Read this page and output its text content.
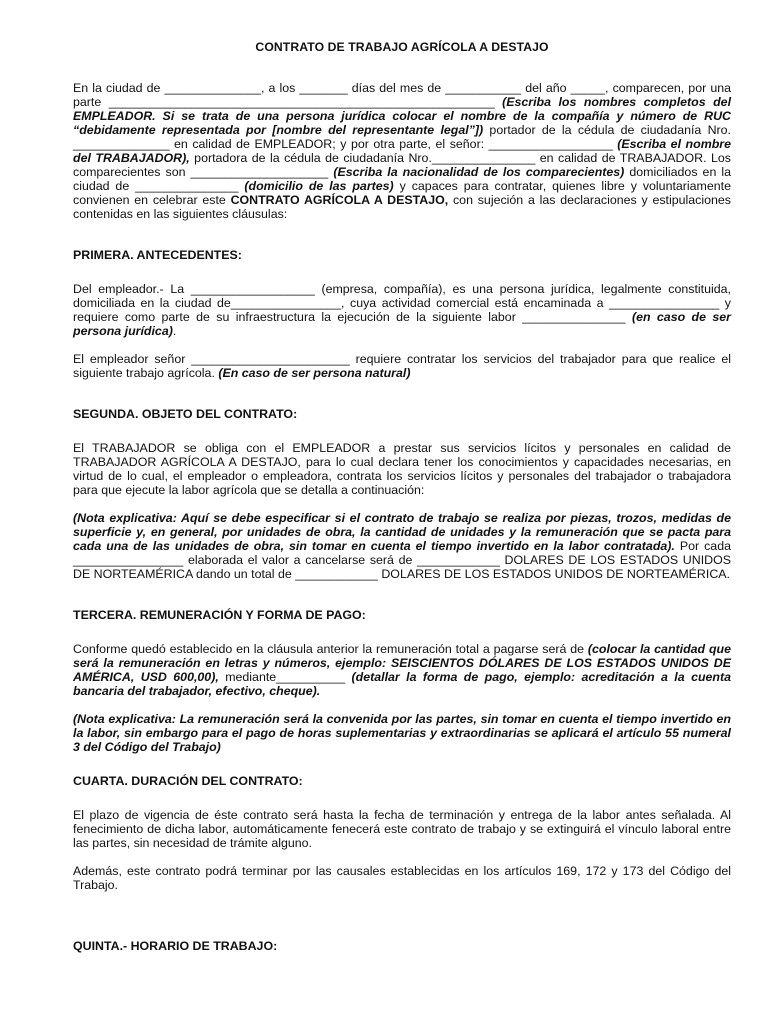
CONTRATO DE TRABAJO AGRÍCOLA A DESTAJO

En la ciudad de ______________, a los _______ días del mes de ___________ del año _____, comparecen, por una parte ________________________________________________________ (Escriba los nombres completos del EMPLEADOR. Si se trata de una persona jurídica colocar el nombre de la compañía y número de RUC “debidamente representada por [nombre del representante legal”]) portador de la cédula de ciudadanía Nro. ______________ en calidad de EMPLEADOR; y por otra parte, el señor: __________________ (Escriba el nombre del TRABAJADOR), portadora de la cédula de ciudadanía Nro._______________ en calidad de TRABAJADOR. Los comparecientes son ____________________ (Escriba la nacionalidad de los comparecientes) domiciliados en la ciudad de _______________ (domicilio de las partes) y capaces para contratar, quienes libre y voluntariamente convienen en celebrar este CONTRATO AGRÍCOLA A DESTAJO, con sujeción a las declaraciones y estipulaciones contenidas en las siguientes cláusulas:

PRIMERA. ANTECEDENTES:

Del empleador.- La __________________ (empresa, compañía), es una persona jurídica, legalmente constituida, domiciliada en la ciudad de________________, cuya actividad comercial está encaminada a ________________ y requiere como parte de su infraestructura la ejecución de la siguiente labor _______________ (en caso de ser persona jurídica).

El empleador señor _______________________ requiere contratar los servicios del trabajador para que realice el siguiente trabajo agrícola. (En caso de ser persona natural)

SEGUNDA. OBJETO DEL CONTRATO:

El TRABAJADOR se obliga con el EMPLEADOR a prestar sus servicios lícitos y personales en calidad de TRABAJADOR AGRÍCOLA A DESTAJO, para lo cual declara tener los conocimientos y capacidades necesarias, en virtud de lo cual, el empleador o empleadora, contrata los servicios lícitos y personales del trabajador o trabajadora para que ejecute la labor agrícola que se detalla a continuación:

(Nota explicativa: Aquí se debe especificar si el contrato de trabajo se realiza por piezas, trozos, medidas de superficie y, en general, por unidades de obra, la cantidad de unidades y la remuneración que se pacta para cada una de las unidades de obra, sin tomar en cuenta el tiempo invertido en la labor contratada). Por cada ________________ elaborada el valor a cancelarse será de ____________ DOLARES DE LOS ESTADOS UNIDOS DE NORTEAMÉRICA dando un total de ____________ DOLARES DE LOS ESTADOS UNIDOS DE NORTEAMÉRICA.

TERCERA. REMUNERACIÓN Y FORMA DE PAGO:

Conforme quedó establecido en la cláusula anterior la remuneración total a pagarse será de (colocar la cantidad que será la remuneración en letras y números, ejemplo: SEISCIENTOS DÓLARES DE LOS ESTADOS UNIDOS DE AMÉRICA, USD 600,00), mediante__________ (detallar la forma de pago, ejemplo: acreditación a la cuenta bancaria del trabajador, efectivo, cheque).

(Nota explicativa: La remuneración será la convenida por las partes, sin tomar en cuenta el tiempo invertido en la labor, sin embargo para el pago de horas suplementarias y extraordinarias se aplicará el artículo 55 numeral 3 del Código del Trabajo)

CUARTA. DURACIÓN DEL CONTRATO:

El plazo de vigencia de éste contrato será hasta la fecha de terminación y entrega de la labor antes señalada. Al fenecimiento de dicha labor, automáticamente fenecerá este contrato de trabajo y se extinguirá el vínculo laboral entre las partes, sin necesidad de trámite alguno.

Además, este contrato podrá terminar por las causales establecidas en los artículos 169, 172 y 173 del Código del Trabajo.

QUINTA.- HORARIO DE TRABAJO:
